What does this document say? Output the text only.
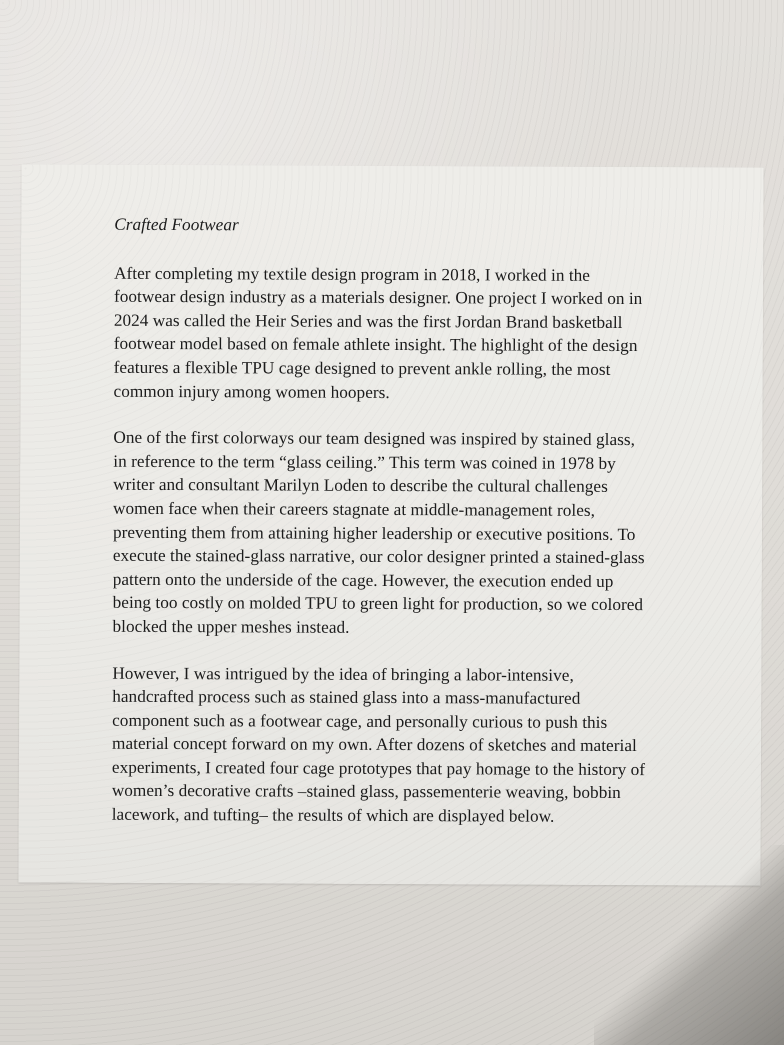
Crafted Footwear
After completing my textile design program in 2018, I worked in the
footwear design industry as a materials designer. One project I worked on in
2024 was called the Heir Series and was the first Jordan Brand basketball
footwear model based on female athlete insight. The highlight of the design
features a flexible TPU cage designed to prevent ankle rolling, the most
common injury among women hoopers.
One of the first colorways our team designed was inspired by stained glass,
in reference to the term “glass ceiling.” This term was coined in 1978 by
writer and consultant Marilyn Loden to describe the cultural challenges
women face when their careers stagnate at middle-management roles,
preventing them from attaining higher leadership or executive positions. To
execute the stained-glass narrative, our color designer printed a stained-glass
pattern onto the underside of the cage. However, the execution ended up
being too costly on molded TPU to green light for production, so we colored
blocked the upper meshes instead.
However, I was intrigued by the idea of bringing a labor-intensive,
handcrafted process such as stained glass into a mass-manufactured
component such as a footwear cage, and personally curious to push this
material concept forward on my own. After dozens of sketches and material
experiments, I created four cage prototypes that pay homage to the history of
women’s decorative crafts –stained glass, passementerie weaving, bobbin
lacework, and tufting– the results of which are displayed below.
